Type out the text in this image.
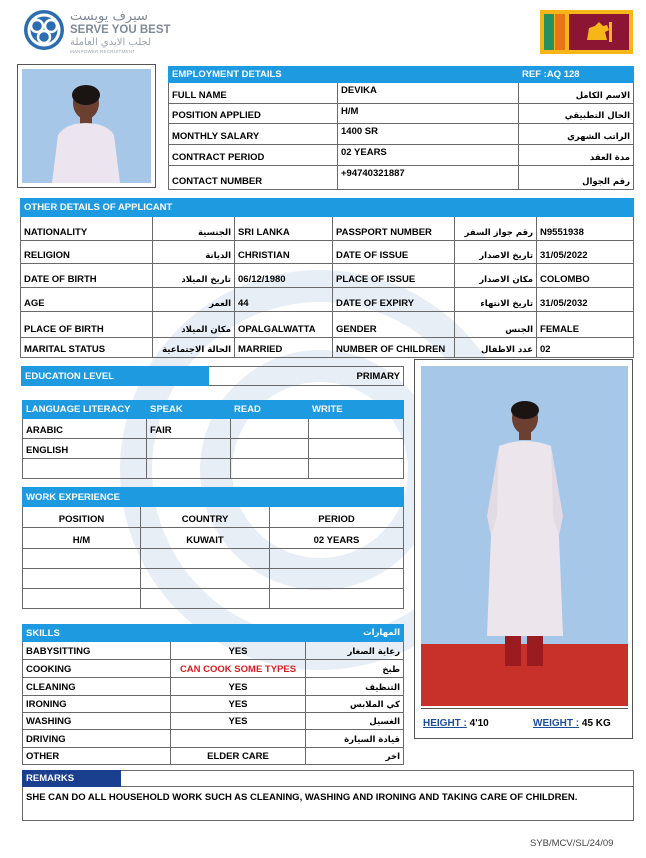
سيرف يوبست
SERVE YOU BEST
لجلب الايدي العاملة
MANPOWER RECRUITMENT
EMPLOYMENT DETAILS		REF :AQ 128
FULL NAME	DEVIKA	الاسم الكامل
POSITION APPLIED	H/M	الحال التطبيقي
MONTHLY SALARY	1400 SR	الراتب الشهري
CONTRACT PERIOD	02 YEARS	مدة العقد
CONTACT NUMBER	+94740321887	رقم الجوال
OTHER DETAILS OF APPLICANT					
NATIONALITY	الجنسية	SRI LANKA	PASSPORT NUMBER	رقم جواز السفر	N9551938
RELIGION	الديانة	CHRISTIAN	DATE OF ISSUE	تاريخ الاصدار	31/05/2022
DATE OF BIRTH	تاريخ الميلاد	06/12/1980	PLACE OF ISSUE	مكان الاصدار	COLOMBO
AGE	العمر	44	DATE OF EXPIRY	تاريخ الانتهاء	31/05/2032
PLACE OF BIRTH	مكان الميلاد	OPALGALWATTA	GENDER	الجنس	FEMALE
MARITAL STATUS	الحالة الاجتماعية	MARRIED	NUMBER OF CHILDREN	عدد الاطفال	02
EDUCATION LEVEL	PRIMARY
LANGUAGE LITERACY	SPEAK	READ	WRITE
ARABIC	FAIR		
ENGLISH			

WORK EXPERIENCE		
POSITION	COUNTRY	PERIOD
H/M	KUWAIT	02 YEARS

SKILLS		المهارات
BABYSITTING	YES	رعاية الصغار
COOKING	CAN COOK SOME TYPES	طبخ
CLEANING	YES	التنظيف
IRONING	YES	كي الملابس
WASHING	YES	الغسيل
DRIVING		قيادة السيارة
OTHER	ELDER CARE	اخر
HEIGHT : 4'10	WEIGHT : 45 KG
REMARKS	
SHE CAN DO ALL HOUSEHOLD WORK SUCH AS CLEANING, WASHING AND IRONING AND TAKING CARE OF CHILDREN.
SYB/MCV/SL/24/09
